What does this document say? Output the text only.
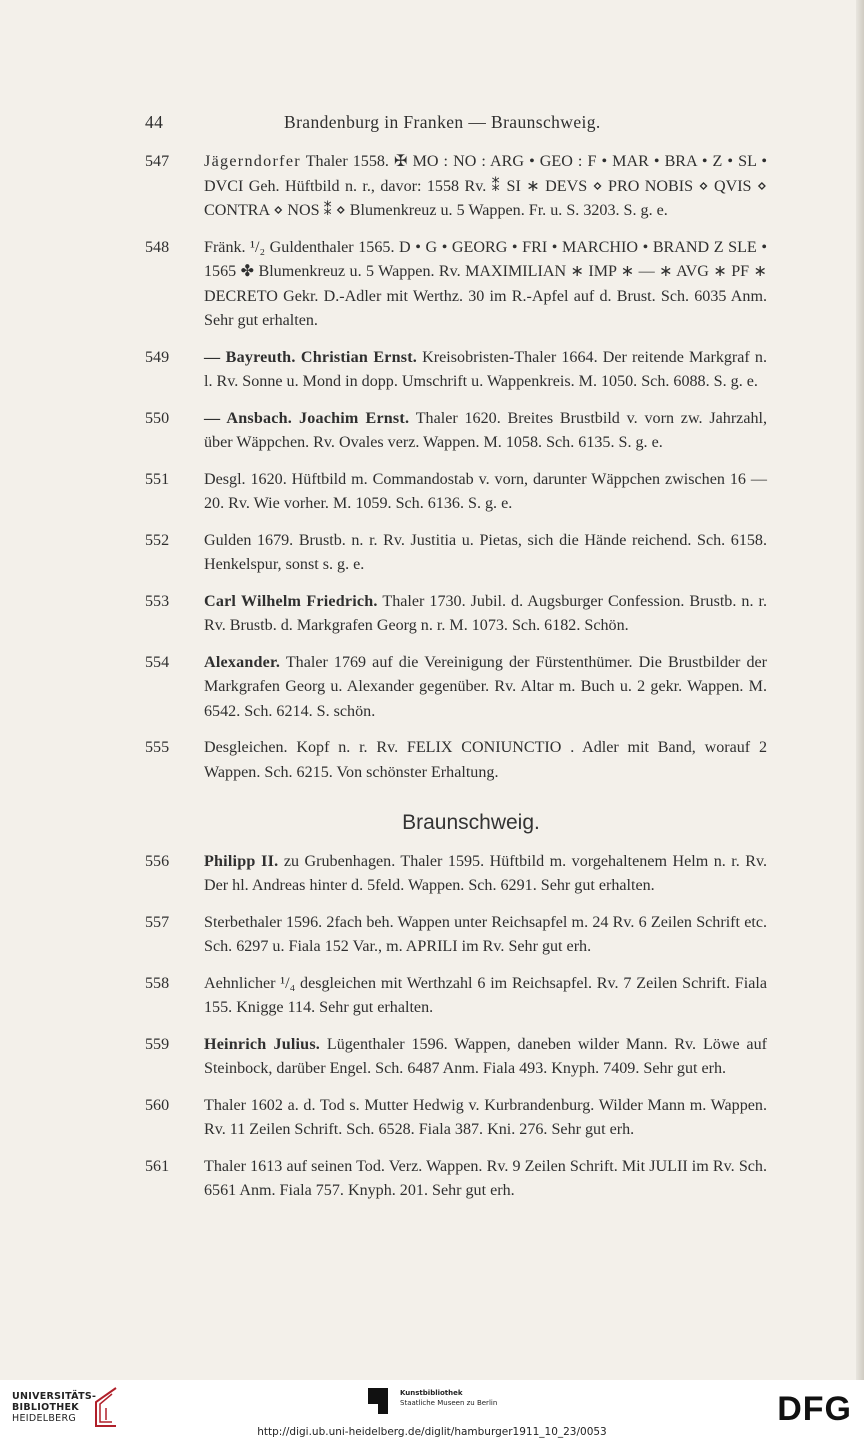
44	Brandenburg in Franken — Braunschweig.
547 Jägerndorfer Thaler 1558. ✠ MO : NO : ARG • GEO : F • MAR • BRA • Z • SL • DVCI Geh. Hüftbild n. r., davor: 1558 Rv. ⁑ SI ∗ DEVS ⋄ PRO NOBIS ⋄ QVIS ⋄ CONTRA ⋄ NOS ⁑ ⋄ Blumenkreuz u. 5 Wappen. Fr. u. S. 3203. S. g. e.
548 Fränk. ¹/₂ Guldenthaler 1565. D • G • GEORG • FRI • MARCHIO • BRAND Z SLE • 1565 ✤ Blumenkreuz u. 5 Wappen. Rv. MAXIMILIAN ∗ IMP ∗ — ∗ AVG ∗ PF ∗ DECRETO Gekr. D.-Adler mit Werthz. 30 im R.-Apfel auf d. Brust. Sch. 6035 Anm. Sehr gut erhalten.
549 — Bayreuth. Christian Ernst. Kreisobristen-Thaler 1664. Der reitende Markgraf n. l. Rv. Sonne u. Mond in dopp. Umschrift u. Wappenkreis. M. 1050. Sch. 6088. S. g. e.
550 — Ansbach. Joachim Ernst. Thaler 1620. Breites Brustbild v. vorn zw. Jahrzahl, über Wäppchen. Rv. Ovales verz. Wappen. M. 1058. Sch. 6135. S. g. e.
551 Desgl. 1620. Hüftbild m. Commandostab v. vorn, darunter Wäppchen zwischen 16 — 20. Rv. Wie vorher. M. 1059. Sch. 6136. S. g. e.
552 Gulden 1679. Brustb. n. r. Rv. Justitia u. Pietas, sich die Hände reichend. Sch. 6158. Henkelspur, sonst s. g. e.
553 Carl Wilhelm Friedrich. Thaler 1730. Jubil. d. Augsburger Confession. Brustb. n. r. Rv. Brustb. d. Markgrafen Georg n. r. M. 1073. Sch. 6182. Schön.
554 Alexander. Thaler 1769 auf die Vereinigung der Fürstenthümer. Die Brustbilder der Markgrafen Georg u. Alexander gegenüber. Rv. Altar m. Buch u. 2 gekr. Wappen. M. 6542. Sch. 6214. S. schön.
555 Desgleichen. Kopf n. r. Rv. FELIX CONIUNCTIO . Adler mit Band, worauf 2 Wappen. Sch. 6215. Von schönster Erhaltung.
Braunschweig.
556 Philipp II. zu Grubenhagen. Thaler 1595. Hüftbild m. vorgehaltenem Helm n. r. Rv. Der hl. Andreas hinter d. 5feld. Wappen. Sch. 6291. Sehr gut erhalten.
557 Sterbethaler 1596. 2fach beh. Wappen unter Reichsapfel m. 24 Rv. 6 Zeilen Schrift etc. Sch. 6297 u. Fiala 152 Var., m. APRILI im Rv. Sehr gut erh.
558 Aehnlicher ¹/₄ desgleichen mit Werthzahl 6 im Reichsapfel. Rv. 7 Zeilen Schrift. Fiala 155. Knigge 114. Sehr gut erhalten.
559 Heinrich Julius. Lügenthaler 1596. Wappen, daneben wilder Mann. Rv. Löwe auf Steinbock, darüber Engel. Sch. 6487 Anm. Fiala 493. Knyph. 7409. Sehr gut erh.
560 Thaler 1602 a. d. Tod s. Mutter Hedwig v. Kurbrandenburg. Wilder Mann m. Wappen. Rv. 11 Zeilen Schrift. Sch. 6528. Fiala 387. Kni. 276. Sehr gut erh.
561 Thaler 1613 auf seinen Tod. Verz. Wappen. Rv. 9 Zeilen Schrift. Mit JULII im Rv. Sch. 6561 Anm. Fiala 757. Knyph. 201. Sehr gut erh.
UNIVERSITÄTS-
BIBLIOTHEK
HEIDELBERG
Kunstbibliothek
Staatliche Museen zu Berlin	DFG
http://digi.ub.uni-heidelberg.de/diglit/hamburger1911_10_23/0053
